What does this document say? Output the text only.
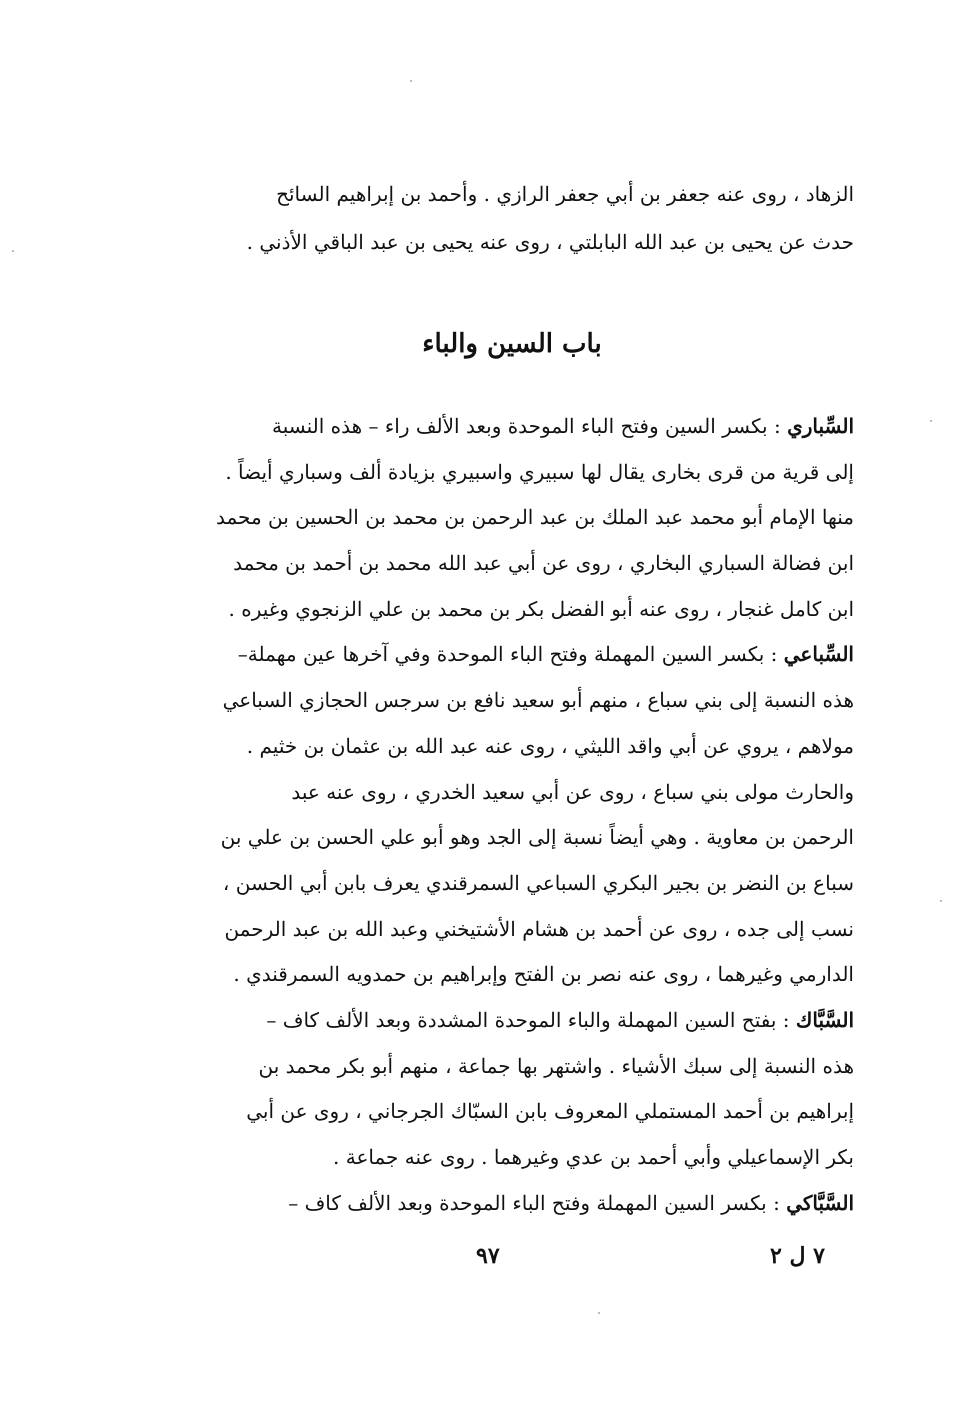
الزهاد ، روى عنه جعفر بن أبي جعفر الرازي . وأحمد بن إبراهيم السائح
حدث عن يحيى بن عبد الله البابلتي ، روى عنه يحيى بن عبد الباقي الأذني .
باب السين والباء
السِّباري : بكسر السين وفتح الباء الموحدة وبعد الألف راء – هذه النسبة
إلى قرية من قرى بخارى يقال لها سبيري واسبيري بزيادة ألف وسباري أيضاً .
منها الإمام أبو محمد عبد الملك بن عبد الرحمن بن محمد بن الحسين بن محمد
ابن فضالة السباري البخاري ، روى عن أبي عبد الله محمد بن أحمد بن محمد
ابن كامل غنجار ، روى عنه أبو الفضل بكر بن محمد بن علي الزنجوي وغيره .
السِّباعي : بكسر السين المهملة وفتح الباء الموحدة وفي آخرها عين مهملة–
هذه النسبة إلى بني سباع ، منهم أبو سعيد نافع بن سرجس الحجازي السباعي
مولاهم ، يروي عن أبي واقد الليثي ، روى عنه عبد الله بن عثمان بن خثيم .
والحارث مولى بني سباع ، روى عن أبي سعيد الخدري ، روى عنه عبد
الرحمن بن معاوية . وهي أيضاً نسبة إلى الجد وهو أبو علي الحسن بن علي بن
سباع بن النضر بن بجير البكري السباعي السمرقندي يعرف بابن أبي الحسن ،
نسب إلى جده ، روى عن أحمد بن هشام الأشتيخني وعبد الله بن عبد الرحمن
الدارمي وغيرهما ، روى عنه نصر بن الفتح وإبراهيم بن حمدويه السمرقندي .
السَّبَّاك : بفتح السين المهملة والباء الموحدة المشددة وبعد الألف كاف –
هذه النسبة إلى سبك الأشياء . واشتهر بها جماعة ، منهم أبو بكر محمد بن
إبراهيم بن أحمد المستملي المعروف بابن السبّاك الجرجاني ، روى عن أبي
بكر الإسماعيلي وأبي أحمد بن عدي وغيرهما . روى عنه جماعة .
السَّبَّاكي : بكسر السين المهملة وفتح الباء الموحدة وبعد الألف كاف –
٩٧	٧ ل ٢
